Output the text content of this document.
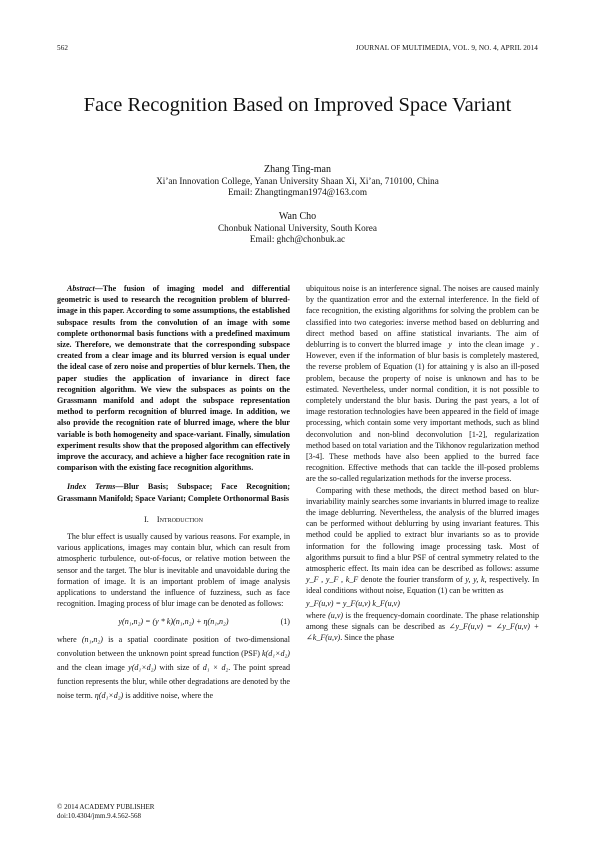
562	JOURNAL OF MULTIMEDIA, VOL. 9, NO. 4, APRIL 2014
Face Recognition Based on Improved Space Variant
Zhang Ting-man
Xi’an Innovation College, Yanan University Shaan Xi, Xi’an, 710100, China
Email: Zhangtingman1974@163.com
Wan Cho
Chonbuk National University, South Korea
Email: ghch@chonbuk.ac

Abstract—The fusion of imaging model and differential geometric is used to research the recognition problem of blurred-image in this paper. According to some assumptions, the established subspace results from the convolution of an image with some complete orthonormal basis functions with a predefined maximum size. Therefore, we demonstrate that the corresponding subspace created from a clear image and its blurred version is equal under the ideal case of zero noise and properties of blur kernels. Then, the paper studies the application of invariance in direct face recognition algorithm. We view the subspaces as points on the Grassmann manifold and adopt the subspace representation method to perform recognition of blurred image. In addition, we also provide the recognition rate of blurred image, where the blur variable is both homogeneity and space-variant. Finally, simulation experiment results show that the proposed algorithm can effectively improve the accuracy, and achieve a higher face recognition rate in comparison with the existing face recognition algorithms.

Index Terms—Blur Basis; Subspace; Face Recognition; Grassmann Manifold; Space Variant; Complete Orthonormal Basis

I. Introduction

The blur effect is usually caused by various reasons. For example, in various applications, images may contain blur, which can result from atmospheric turbulence, out-of-focus, or relative motion between the sensor and the target. The blur is inevitable and unavoidable during the formation of image. It is an important problem of image analysis applications to understand the influence of fuzziness, such as face recognition. Imaging process of blur image can be denoted as follows:

y(n₁,n₂) = (y * k)(n₁,n₂) + η(n₁,n₂)	(1)

where (n₁,n₂) is a spatial coordinate position of two-dimensional convolution between the unknown point spread function (PSF) k(d₁×d₂) and the clean image y(d₁×d₂) with size of d₁ × d₂. The point spread function represents the blur, while other degradations are denoted by the noise term. η(d₁×d₂) is additive noise, where the

ubiquitous noise is an interference signal. The noises are caused mainly by the quantization error and the external interference. In the field of face recognition, the existing algorithms for solving the problem can be classified into two categories: inverse method based on deblurring and direct method based on affine statistical invariants. The aim of deblurring is to convert the blurred image y into the clean image y . However, even if the information of blur basis is completely mastered, the reverse problem of Equation (1) for attaining y is also an ill-posed problem, because the property of noise is unknown and has to be estimated. Nevertheless, under normal condition, it is not possible to completely understand the blur basis. During the past years, a lot of image restoration technologies have been appeared in the field of image processing, which contain some very important methods, such as blind deconvolution and non-blind deconvolution [1-2], regularization method based on total variation and the Tikhonov regularization method [3-4]. These methods have also been applied to the burred face recognition. Effective methods that can tackle the ill-posed problems are the so-called regularization methods for the inverse process.

Comparing with these methods, the direct method based on blur-invariability mainly searches some invariants in blurred image to realize the image deblurring. Nevertheless, the analysis of the blurred images can be performed without deblurring by using invariant features. This method could be applied to extract blur invariants so as to provide information for the following image processing task. Most of algorithms pursuit to find a blur PSF of central symmetry related to the atmospheric effect. Its main idea can be described as follows: assume y_F , y_F , k_F denote the fourier transform of y, y, k, respectively. In ideal conditions without noise, Equation (1) can be written as

y_F(u,v) = y_F(u,v) k_F(u,v)

where (u,v) is the frequency-domain coordinate. The phase relationship among these signals can be described as ∠y_F(u,v) = ∠y_F(u,v) + ∠k_F(u,v). Since the phase

© 2014 ACADEMY PUBLISHER
doi:10.4304/jmm.9.4.562-568
